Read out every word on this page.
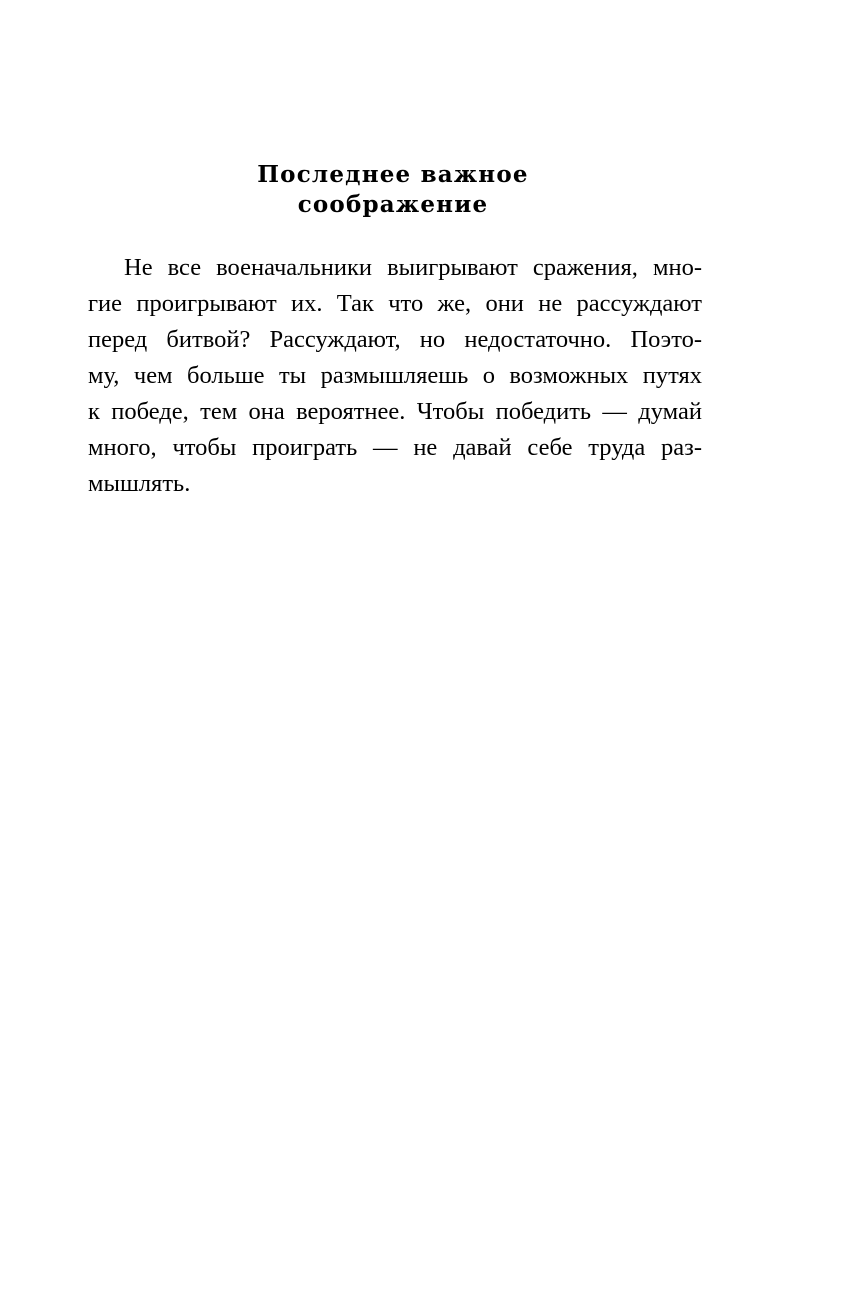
Последнее важное
соображение
Не все военачальники выигрывают сражения, мно-
гие проигрывают их. Так что же, они не рассуждают
перед битвой? Рассуждают, но недостаточно. Поэто-
му, чем больше ты размышляешь о возможных путях
к победе, тем она вероятнее. Чтобы победить — думай
много, чтобы проиграть — не давай себе труда раз-
мышлять.
